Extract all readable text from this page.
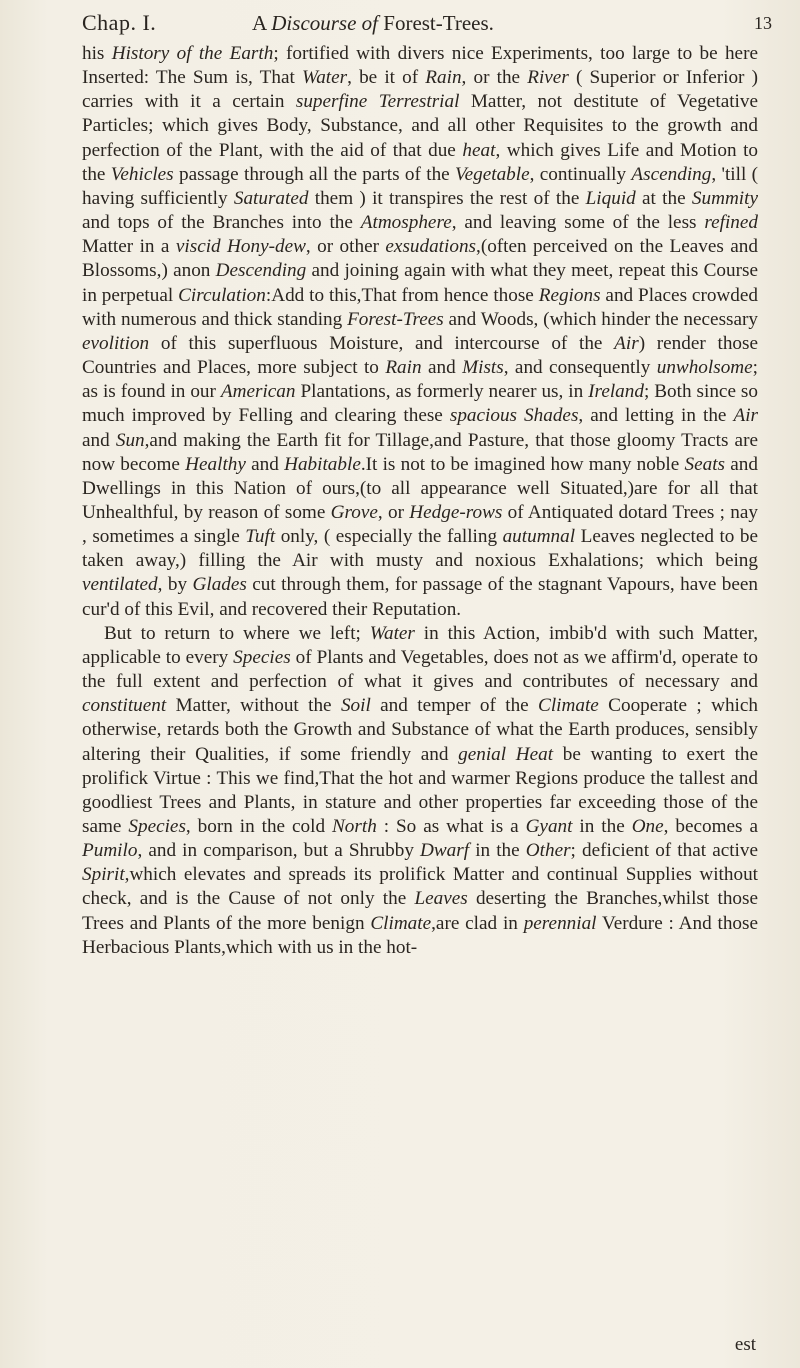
Chap. I.	A Discourse of Forest-Trees.	13

his History of the Earth; fortified with divers nice Experiments, too large to be here Inserted: The Sum is, That Water, be it of Rain, or the River ( Superior or Inferior ) carries with it a certain superfine Terrestrial Matter, not destitute of Vegetative Particles; which gives Body, Substance, and all other Requisites to the growth and perfection of the Plant, with the aid of that due heat, which gives Life and Motion to the Vehicles passage through all the parts of the Vegetable, continually Ascending, 'till ( having sufficiently Saturated them ) it transpires the rest of the Liquid at the Summity and tops of the Branches into the Atmosphere, and leaving some of the less refined Matter in a viscid Hony-dew, or other exsudations,(often perceived on the Leaves and Blossoms,) anon Descending and joining again with what they meet, repeat this Course in perpetual Circulation:Add to this,That from hence those Regions and Places crowded with numerous and thick standing Forest-Trees and Woods, (which hinder the necessary evolition of this superfluous Moisture, and intercourse of the Air) render those Countries and Places, more subject to Rain and Mists, and consequently unwholsome; as is found in our American Plantations, as formerly nearer us, in Ireland; Both since so much improved by Felling and clearing these spacious Shades, and letting in the Air and Sun,and making the Earth fit for Tillage,and Pasture, that those gloomy Tracts are now become Healthy and Habitable.It is not to be imagined how many noble Seats and Dwellings in this Nation of ours,(to all appearance well Situated,)are for all that Unhealthful, by reason of some Grove, or Hedge-rows of Antiquated dotard Trees ; nay , sometimes a single Tuft only, ( especially the falling autumnal Leaves neglected to be taken away,) filling the Air with musty and noxious Exhalations; which being ventilated, by Glades cut through them, for passage of the stagnant Vapours, have been cur'd of this Evil, and recovered their Reputation.

But to return to where we left; Water in this Action, imbib'd with such Matter, applicable to every Species of Plants and Vegetables, does not as we affirm'd, operate to the full extent and perfection of what it gives and contributes of necessary and constituent Matter, without the Soil and temper of the Climate Cooperate ; which otherwise, retards both the Growth and Substance of what the Earth produces, sensibly altering their Qualities, if some friendly and genial Heat be wanting to exert the prolifick Virtue : This we find,That the hot and warmer Regions produce the tallest and goodliest Trees and Plants, in stature and other properties far exceeding those of the same Species, born in the cold North : So as what is a Gyant in the One, becomes a Pumilo, and in comparison, but a Shrubby Dwarf in the Other; deficient of that active Spirit,which elevates and spreads its prolifick Matter and continual Supplies without check, and is the Cause of not only the Leaves deserting the Branches,whilst those Trees and Plants of the more benign Climate,are clad in perennial Verdure : And those Herbacious Plants,which with us in the hot-

est
